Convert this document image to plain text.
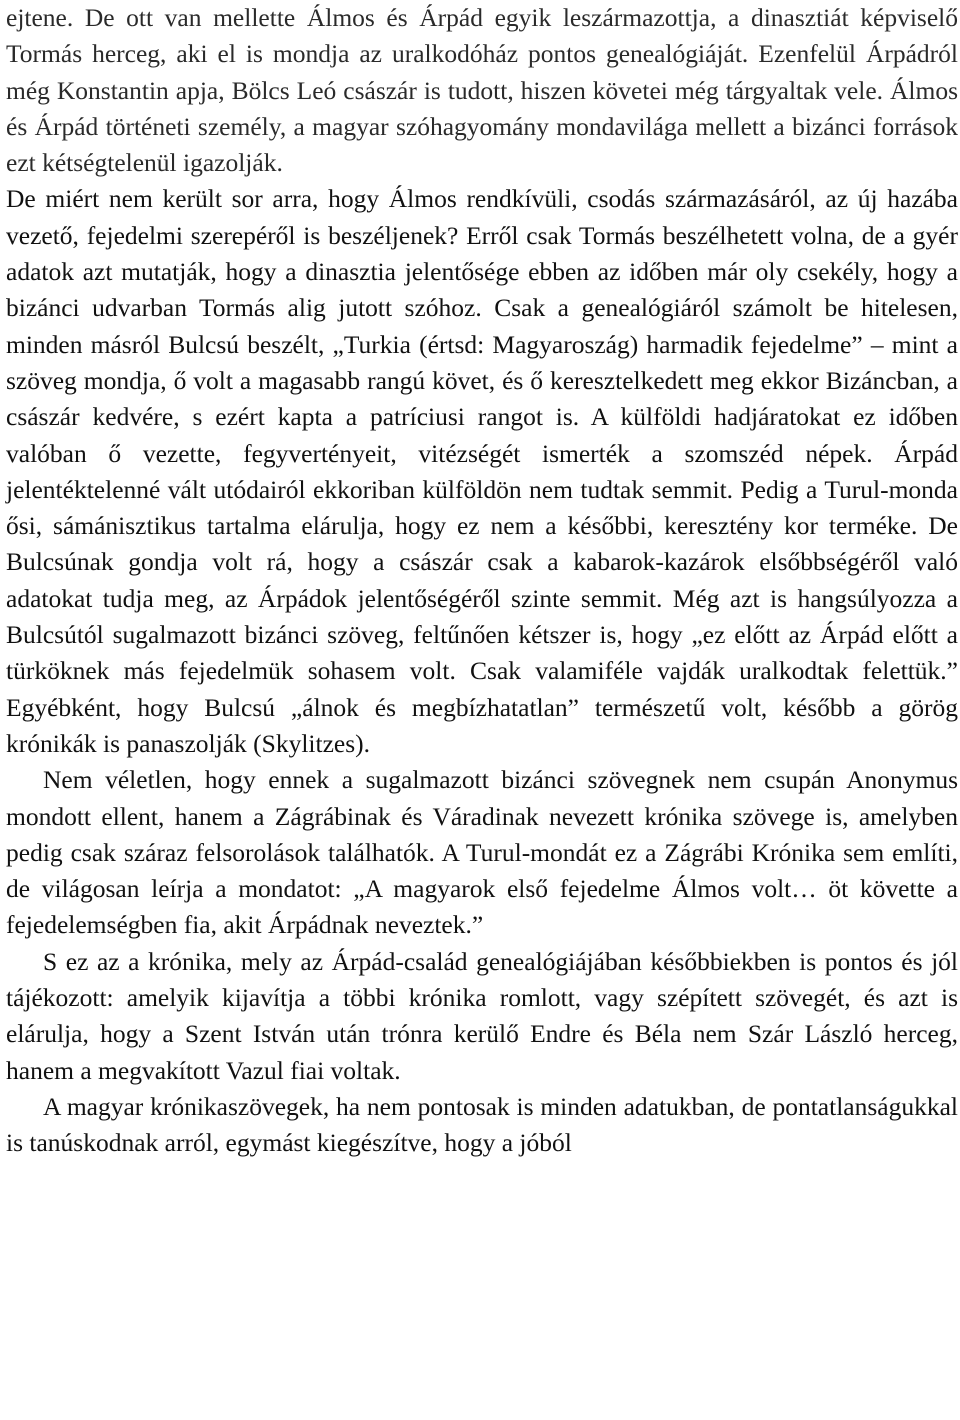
ejtene. De ott van mellette Álmos és Árpád egyik leszármazottja, a dinasztiát képviselő Tormás herceg, aki el is mondja az uralkodóház pontos genealógiáját. Ezenfelül Árpádról még Konstantin apja, Bölcs Leó császár is tudott, hiszen követei még tárgyaltak vele. Álmos és Árpád történeti személy, a magyar szóhagyomány mondavilága mellett a bizánci források ezt kétségtelenül igazolják.
De miért nem került sor arra, hogy Álmos rendkívüli, csodás származásáról, az új hazába vezető, fejedelmi szerepéről is beszéljenek? Erről csak Tormás beszélhetett volna, de a gyér adatok azt mutatják, hogy a dinasztia jelentősége ebben az időben már oly csekély, hogy a bizánci udvarban Tormás alig jutott szóhoz. Csak a genealógiáról számolt be hitelesen, minden másról Bulcsú beszélt, „Turkia (értsd: Magyaroszág) harmadik fejedelme” ‒ mint a szöveg mondja, ő volt a magasabb rangú követ, és ő keresztelkedett meg ekkor Bizáncban, a császár kedvére, s ezért kapta a patríciusi rangot is. A külföldi hadjáratokat ez időben valóban ő vezette, fegyvertényeit, vitézségét ismerték a szomszéd népek. Árpád jelentéktelenné vált utódairól ekkoriban külföldön nem tudtak semmit. Pedig a Turul-monda ősi, sámánisztikus tartalma elárulja, hogy ez nem a későbbi, keresztény kor terméke. De Bulcsúnak gondja volt rá, hogy a császár csak a kabarok-kazárok elsőbbségéről való adatokat tudja meg, az Árpádok jelentőségéről szinte semmit. Még azt is hangsúlyozza a Bulcsútól sugalmazott bizánci szöveg, feltűnően kétszer is, hogy „ez előtt az Árpád előtt a türköknek más fejedelmük sohasem volt. Csak valamiféle vajdák uralkodtak felettük.” Egyébként, hogy Bulcsú „álnok és megbízhatatlan” természetű volt, később a görög krónikák is panaszolják (Skylitzes).

Nem véletlen, hogy ennek a sugalmazott bizánci szövegnek nem csupán Anonymus mondott ellent, hanem a Zágrábinak és Váradinak nevezett krónika szövege is, amelyben pedig csak száraz felsorolások találhatók. A Turul-mondát ez a Zágrábi Krónika sem említi, de világosan leírja a mondatot: „A magyarok első fejedelme Álmos volt… öt követte a fejedelemségben fia, akit Árpádnak neveztek.”

S ez az a krónika, mely az Árpád-család genealógiájában későbbiekben is pontos és jól tájékozott: amelyik kijavítja a többi krónika romlott, vagy szépített szövegét, és azt is elárulja, hogy a Szent István után trónra kerülő Endre és Béla nem Szár László herceg, hanem a megvakított Vazul fiai voltak.

A magyar krónikaszövegek, ha nem pontosak is minden adatukban, de pontatlanságukkal is tanúskodnak arról, egymást kiegészítve, hogy a jóból
